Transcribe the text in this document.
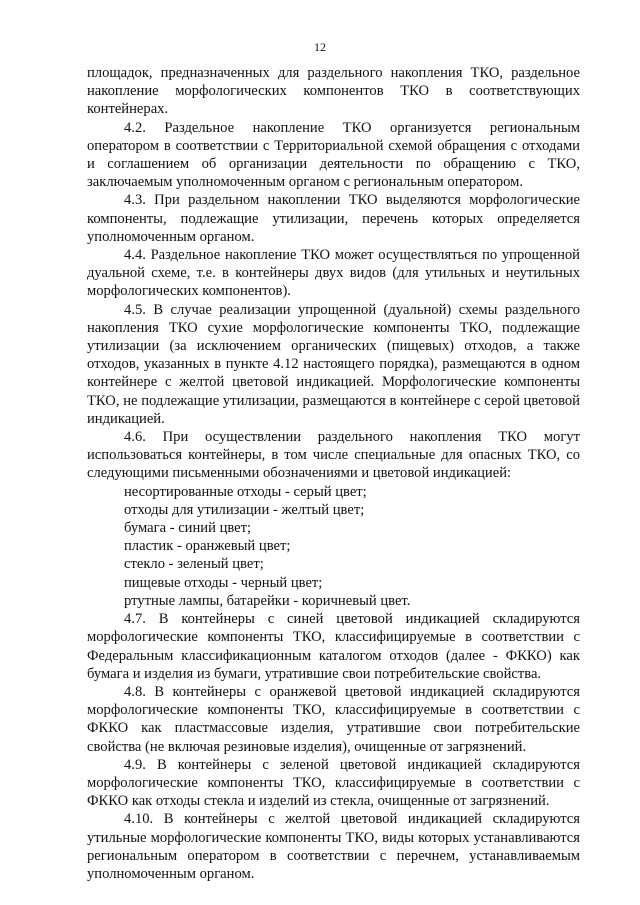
12

площадок, предназначенных для раздельного накопления ТКО, раздельное накопление морфологических компонентов ТКО в соответствующих контейнерах.

4.2. Раздельное накопление ТКО организуется региональным оператором в соответствии с Территориальной схемой обращения с отходами и соглашением об организации деятельности по обращению с ТКО, заключаемым уполномоченным органом с региональным оператором.

4.3. При раздельном накоплении ТКО выделяются морфологические компоненты, подлежащие утилизации, перечень которых определяется уполномоченным органом.

4.4. Раздельное накопление ТКО может осуществляться по упрощенной дуальной схеме, т.е. в контейнеры двух видов (для утильных и неутильных морфологических компонентов).

4.5. В случае реализации упрощенной (дуальной) схемы раздельного накопления ТКО сухие морфологические компоненты ТКО, подлежащие утилизации (за исключением органических (пищевых) отходов, а также отходов, указанных в пункте 4.12 настоящего порядка), размещаются в одном контейнере с желтой цветовой индикацией. Морфологические компоненты ТКО, не подлежащие утилизации, размещаются в контейнере с серой цветовой индикацией.

4.6. При осуществлении раздельного накопления ТКО могут использоваться контейнеры, в том числе специальные для опасных ТКО, со следующими письменными обозначениями и цветовой индикацией:

несортированные отходы - серый цвет;

отходы для утилизации - желтый цвет;

бумага - синий цвет;

пластик - оранжевый цвет;

стекло - зеленый цвет;

пищевые отходы - черный цвет;

ртутные лампы, батарейки - коричневый цвет.

4.7. В контейнеры с синей цветовой индикацией складируются морфологические компоненты ТКО, классифицируемые в соответствии с Федеральным классификационным каталогом отходов (далее - ФККО) как бумага и изделия из бумаги, утратившие свои потребительские свойства.

4.8. В контейнеры с оранжевой цветовой индикацией складируются морфологические компоненты ТКО, классифицируемые в соответствии с ФККО как пластмассовые изделия, утратившие свои потребительские свойства (не включая резиновые изделия), очищенные от загрязнений.

4.9. В контейнеры с зеленой цветовой индикацией складируются морфологические компоненты ТКО, классифицируемые в соответствии с ФККО как отходы стекла и изделий из стекла, очищенные от загрязнений.

4.10. В контейнеры с желтой цветовой индикацией складируются утильные морфологические компоненты ТКО, виды которых устанавливаются региональным оператором в соответствии с перечнем, устанавливаемым уполномоченным органом.
